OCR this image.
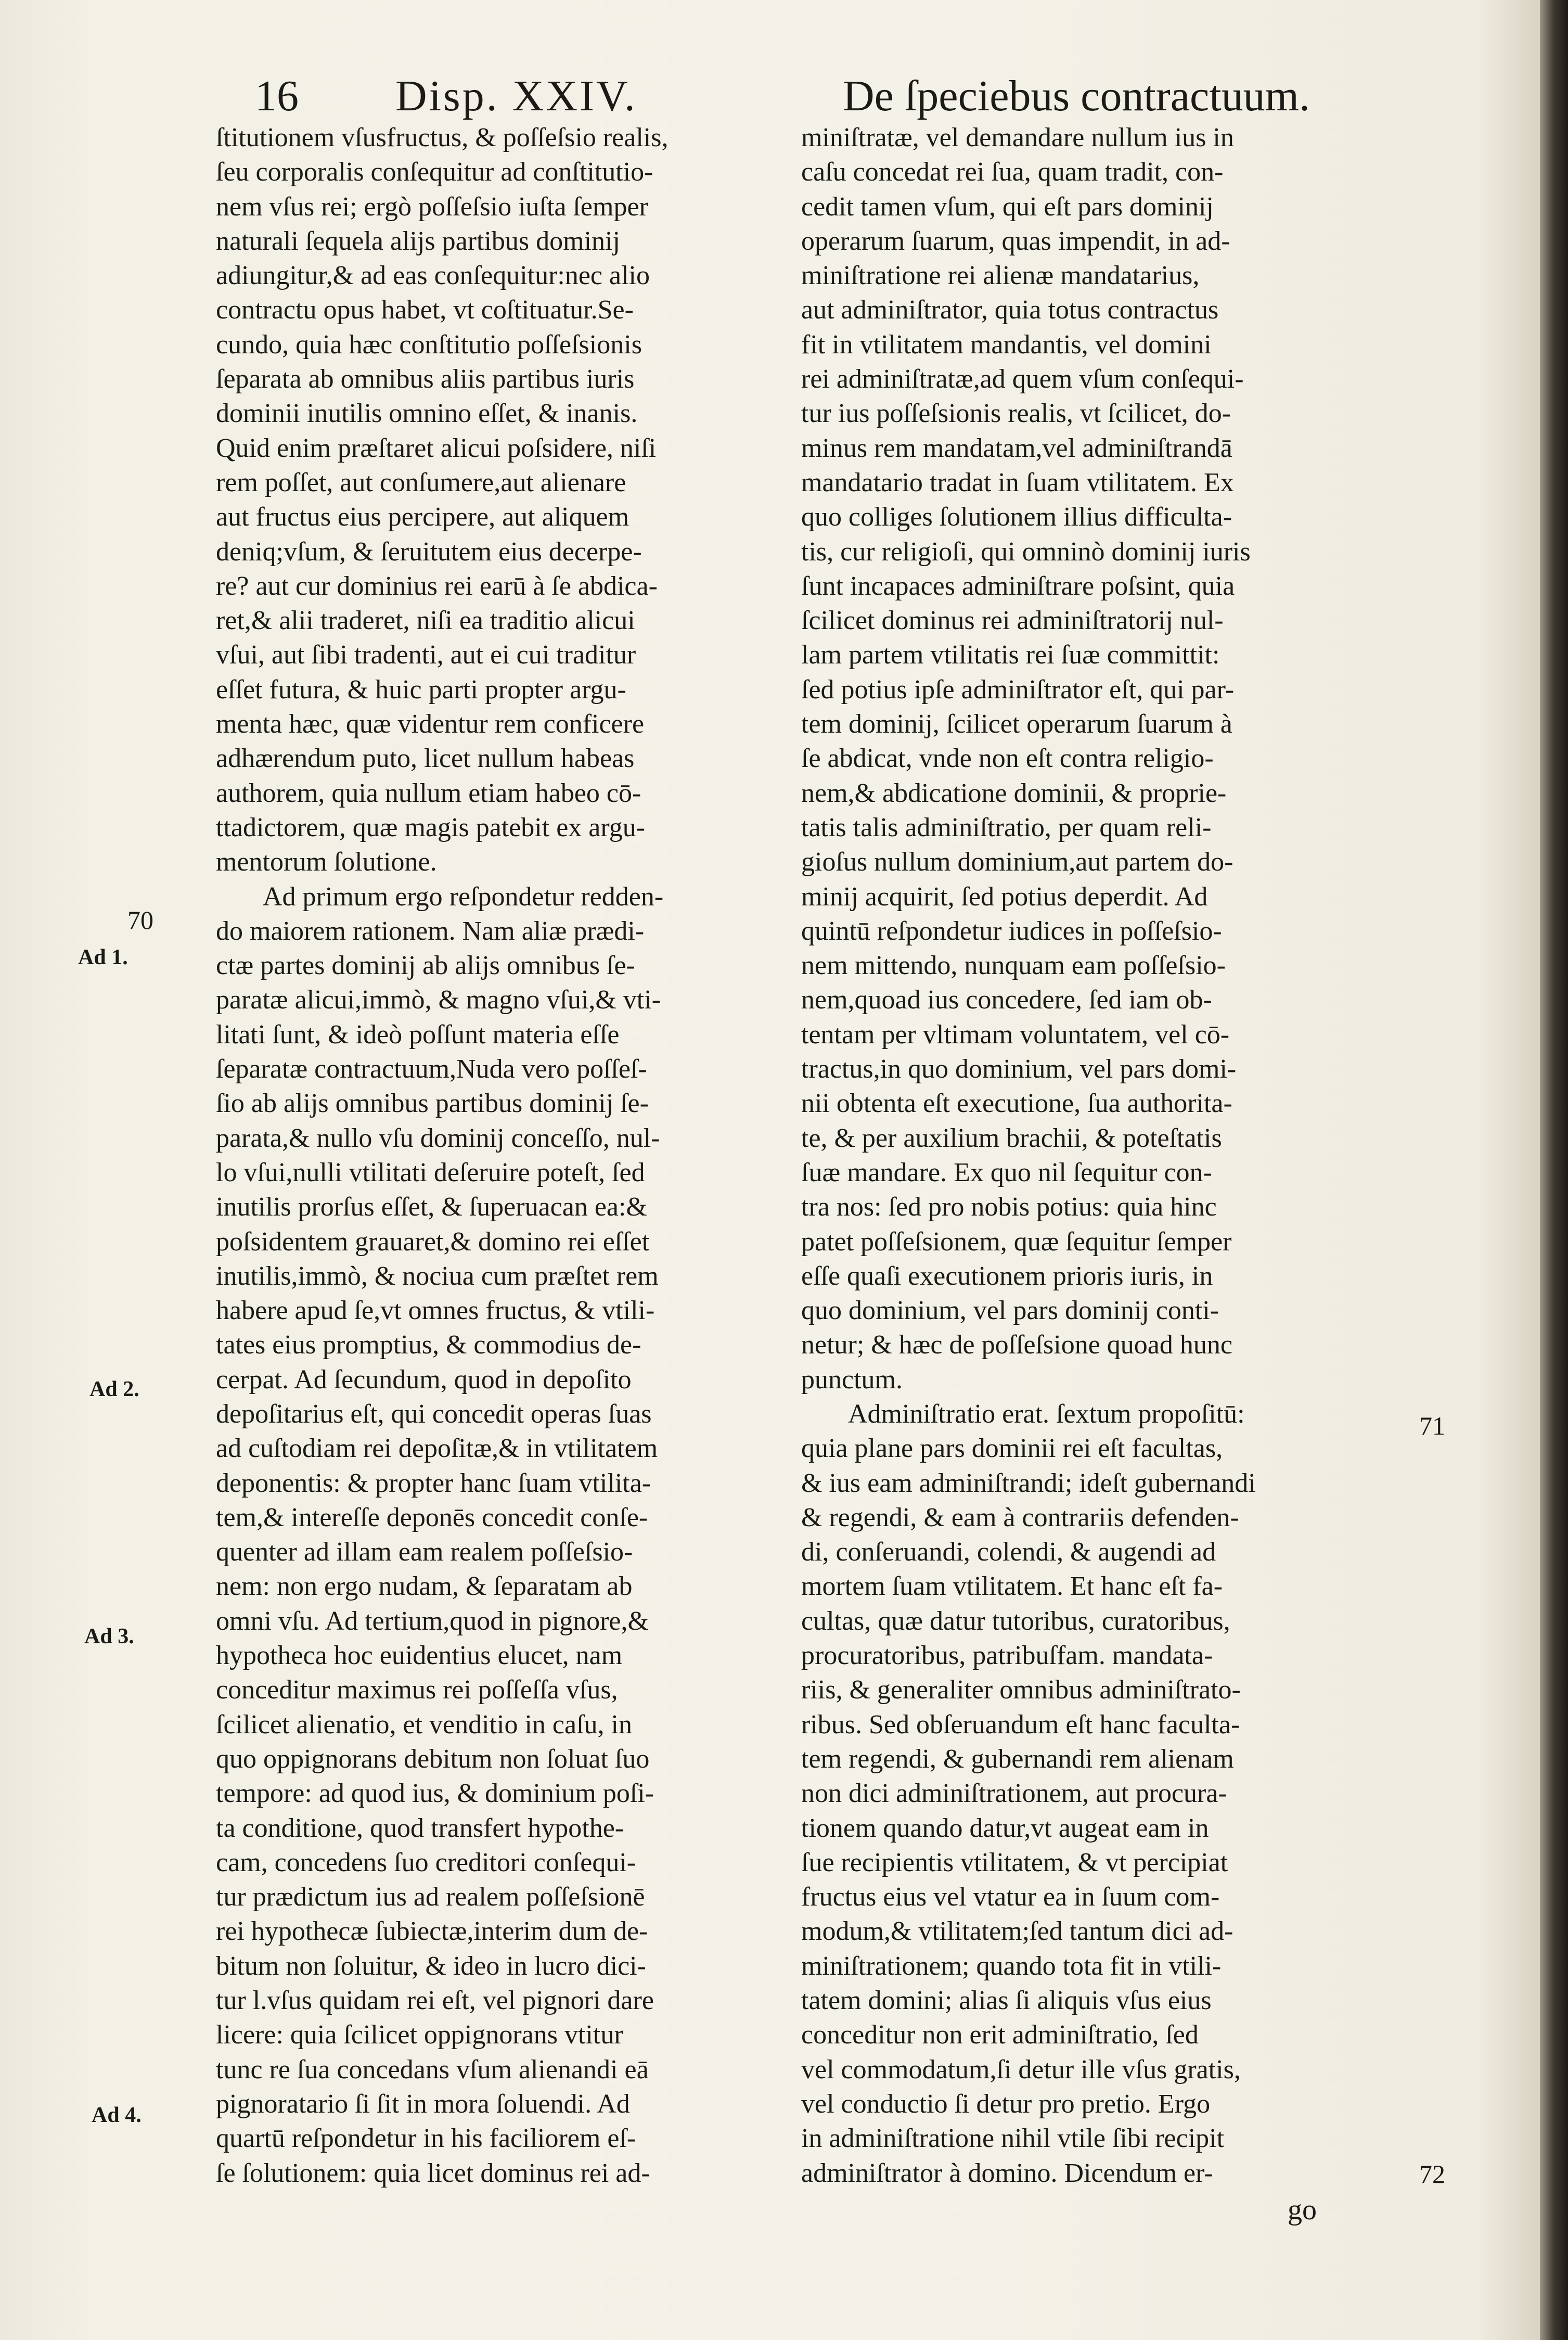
16 Disp. XXIV.	De ſpeciebus contractuum.
ſtitutionem vſusfructus, & poſſeſsio realis,
ſeu corporalis conſequitur ad conſtitutio-
nem vſus rei; ergò poſſeſsio iuſta ſemper
naturali ſequela alijs partibus dominij
adiungitur,& ad eas conſequitur:nec alio
contractu opus habet, vt coſtituatur.Se-
cundo, quia hæc conſtitutio poſſeſsionis
ſeparata ab omnibus aliis partibus iuris
dominii inutilis omnino eſſet, & inanis.
Quid enim præſtaret alicui poſsidere, niſi
rem poſſet, aut conſumere,aut alienare
aut fructus eius percipere, aut aliquem
deniq;vſum, & ſeruitutem eius decerpe-
re? aut cur dominius rei earū à ſe abdica-
ret,& alii traderet, niſi ea traditio alicui
vſui, aut ſibi tradenti, aut ei cui traditur
eſſet futura, & huic parti propter argu-
menta hæc, quæ videntur rem conficere
adhærendum puto, licet nullum habeas
authorem, quia nullum etiam habeo cō-
ttadictorem, quæ magis patebit ex argu-
mentorum ſolutione.
Ad primum ergo reſpondetur redden-
do maiorem rationem. Nam aliæ prædi-
ctæ partes dominij ab alijs omnibus ſe-
paratæ alicui,immò, & magno vſui,& vti-
litati ſunt, & ideò poſſunt materia eſſe
ſeparatæ contractuum,Nuda vero poſſeſ-
ſio ab alijs omnibus partibus dominij ſe-
parata,& nullo vſu dominij conceſſo, nul-
lo vſui,nulli vtilitati deſeruire poteſt, ſed
inutilis prorſus eſſet, & ſuperuacan ea:&
poſsidentem grauaret,& domino rei eſſet
inutilis,immò, & nociua cum præſtet rem
habere apud ſe,vt omnes fructus, & vtili-
tates eius promptius, & commodius de-
cerpat. Ad ſecundum, quod in depoſito
depoſitarius eſt, qui concedit operas ſuas
ad cuſtodiam rei depoſitæ,& in vtilitatem
deponentis: & propter hanc ſuam vtilita-
tem,& intereſſe deponēs concedit conſe-
quenter ad illam eam realem poſſeſsio-
nem: non ergo nudam, & ſeparatam ab
omni vſu. Ad tertium,quod in pignore,&
hypotheca hoc euidentius elucet, nam
conceditur maximus rei poſſeſſa vſus,
ſcilicet alienatio, et venditio in caſu, in
quo oppignorans debitum non ſoluat ſuo
tempore: ad quod ius, & dominium poſi-
ta conditione, quod transfert hypothe-
cam, concedens ſuo creditori conſequi-
tur prædictum ius ad realem poſſeſsionē
rei hypothecæ ſubiectæ,interim dum de-
bitum non ſoluitur, & ideo in lucro dici-
tur l.vſus quidam rei eſt, vel pignori dare
licere: quia ſcilicet oppignorans vtitur
tunc re ſua concedans vſum alienandi eā
pignoratario ſi ſit in mora ſoluendi. Ad
quartū reſpondetur in his faciliorem eſ-
ſe ſolutionem: quia licet dominus rei ad-
miniſtratæ, vel demandare nullum ius in
caſu concedat rei ſua, quam tradit, con-
cedit tamen vſum, qui eſt pars dominij
operarum ſuarum, quas impendit, in ad-
miniſtratione rei alienæ mandatarius,
aut adminiſtrator, quia totus contractus
fit in vtilitatem mandantis, vel domini
rei adminiſtratæ,ad quem vſum conſequi-
tur ius poſſeſsionis realis, vt ſcilicet, do-
minus rem mandatam,vel adminiſtrandā
mandatario tradat in ſuam vtilitatem. Ex
quo colliges ſolutionem illius difficulta-
tis, cur religioſi, qui omninò dominij iuris
ſunt incapaces adminiſtrare poſsint, quia
ſcilicet dominus rei adminiſtratorij nul-
lam partem vtilitatis rei ſuæ committit:
ſed potius ipſe adminiſtrator eſt, qui par-
tem dominij, ſcilicet operarum ſuarum à
ſe abdicat, vnde non eſt contra religio-
nem,& abdicatione dominii, & proprie-
tatis talis adminiſtratio, per quam reli-
gioſus nullum dominium,aut partem do-
minij acquirit, ſed potius deperdit. Ad
quintū reſpondetur iudices in poſſeſsio-
nem mittendo, nunquam eam poſſeſsio-
nem,quoad ius concedere, ſed iam ob-
tentam per vltimam voluntatem, vel cō-
tractus,in quo dominium, vel pars domi-
nii obtenta eſt executione, ſua authorita-
te, & per auxilium brachii, & poteſtatis
ſuæ mandare. Ex quo nil ſequitur con-
tra nos: ſed pro nobis potius: quia hinc
patet poſſeſsionem, quæ ſequitur ſemper
eſſe quaſi executionem prioris iuris, in
quo dominium, vel pars dominij conti-
netur; & hæc de poſſeſsione quoad hunc
punctum.
Adminiſtratio erat. ſextum propoſitū:
quia plane pars dominii rei eſt facultas,
& ius eam adminiſtrandi; ideſt gubernandi
& regendi, & eam à contrariis defenden-
di, conſeruandi, colendi, & augendi ad
mortem ſuam vtilitatem. Et hanc eſt fa-
cultas, quæ datur tutoribus, curatoribus,
procuratoribus, patribuſfam. mandata-
riis, & generaliter omnibus adminiſtrato-
ribus. Sed obſeruandum eſt hanc faculta-
tem regendi, & gubernandi rem alienam
non dici adminiſtrationem, aut procura-
tionem quando datur,vt augeat eam in
ſue recipientis vtilitatem, & vt percipiat
fructus eius vel vtatur ea in ſuum com-
modum,& vtilitatem;ſed tantum dici ad-
miniſtrationem; quando tota fit in vtili-
tatem domini; alias ſi aliquis vſus eius
conceditur non erit adminiſtratio, ſed
vel commodatum,ſi detur ille vſus gratis,
vel conductio ſi detur pro pretio. Ergo
in adminiſtratione nihil vtile ſibi recipit
adminiſtrator à domino. Dicendum er-
70
Ad 1.
Ad 2.
Ad 3.
Ad 4.
71
72
go
